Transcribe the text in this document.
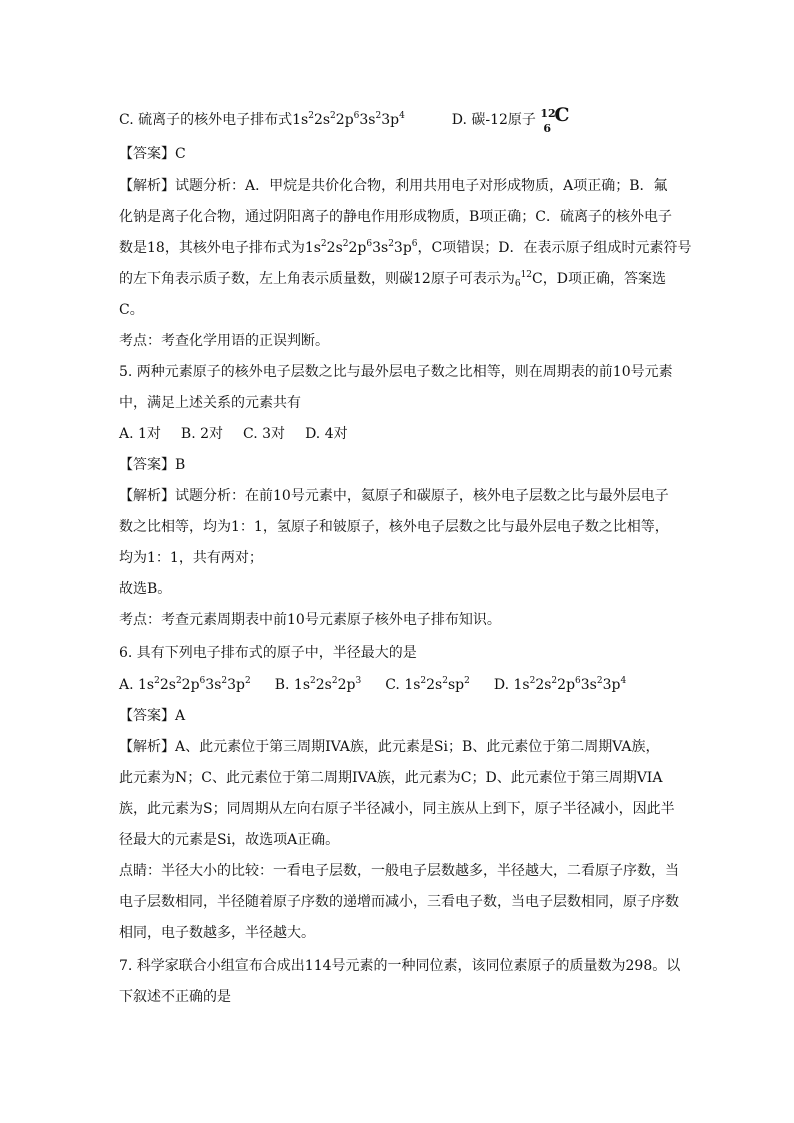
C. 硫离子的核外电子排布式$1s^22s^22p^63s^23p^4$	D. 碳-12原子 12
6
C
【答案】C
【解析】试题分析：A．甲烷是共价化合物，利用共用电子对形成物质，A项正确；B．氟
化钠是离子化合物，通过阴阳离子的静电作用形成物质，B项正确；C．硫离子的核外电子
数是18，其核外电子排布式为$1s^22s^22p^63s^23p^6$，C项错误；D．在表示原子组成时元素符号
的左下角表示质子数，左上角表示质量数，则碳12原子可表示为$_6^{12}$C，D项正确，答案选
C。
考点：考查化学用语的正误判断。
5. 两种元素原子的核外电子层数之比与最外层电子数之比相等，则在周期表的前10号元素
中，满足上述关系的元素共有
A. 1对 B. 2对 C. 3对 D. 4对
【答案】B
【解析】试题分析：在前10号元素中，氦原子和碳原子，核外电子层数之比与最外层电子
数之比相等，均为1：1，氢原子和铍原子，核外电子层数之比与最外层电子数之比相等，
均为1：1，共有两对；
故选B。
考点：考查元素周期表中前10号元素原子核外电子排布知识。
6. 具有下列电子排布式的原子中，半径最大的是
A. $1s^22s^22p^63s^23p^2$ B. $1s^22s^22p^3$ C. $1s^22s^2sp^2$ D. $1s^22s^22p^63s^23p^4$
【答案】A
【解析】A、此元素位于第三周期IVA族，此元素是Si；B、此元素位于第二周期VA族，
此元素为N；C、此元素位于第二周期IVA族，此元素为C；D、此元素位于第三周期VIA
族，此元素为S；同周期从左向右原子半径减小，同主族从上到下，原子半径减小，因此半
径最大的元素是Si，故选项A正确。
点睛：半径大小的比较：一看电子层数，一般电子层数越多，半径越大，二看原子序数，当
电子层数相同，半径随着原子序数的递增而减小，三看电子数，当电子层数相同，原子序数
相同，电子数越多，半径越大。
7. 科学家联合小组宣布合成出114号元素的一种同位素，该同位素原子的质量数为298。以
下叙述不正确的是
